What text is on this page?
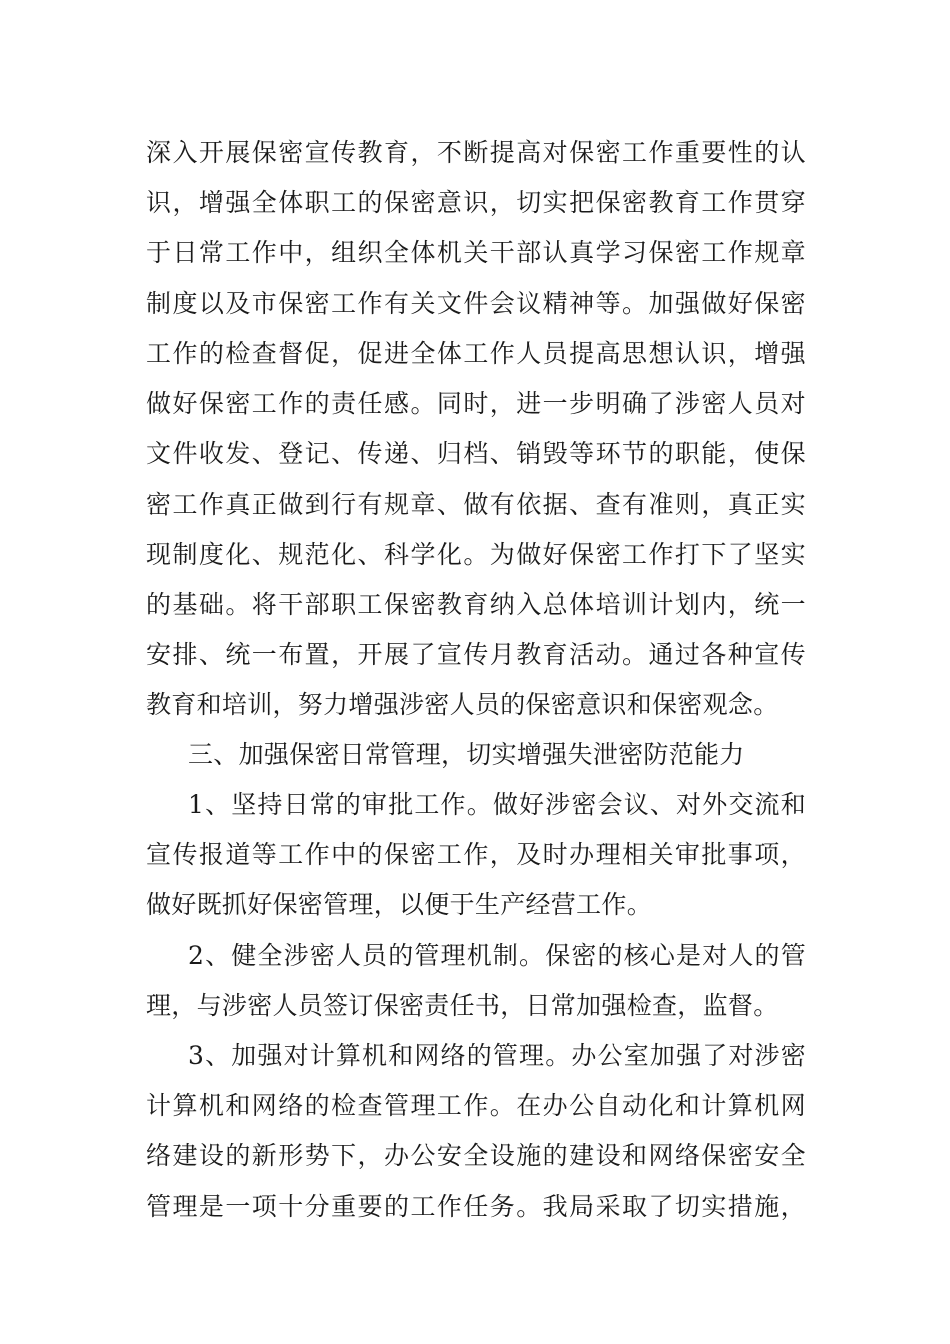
深入开展保密宣传教育，不断提高对保密工作重要性的认
识，增强全体职工的保密意识，切实把保密教育工作贯穿
于日常工作中，组织全体机关干部认真学习保密工作规章
制度以及市保密工作有关文件会议精神等。加强做好保密
工作的检查督促，促进全体工作人员提高思想认识，增强
做好保密工作的责任感。同时，进一步明确了涉密人员对
文件收发、登记、传递、归档、销毁等环节的职能，使保
密工作真正做到行有规章、做有依据、查有准则，真正实
现制度化、规范化、科学化。为做好保密工作打下了坚实
的基础。将干部职工保密教育纳入总体培训计划内，统一
安排、统一布置，开展了宣传月教育活动。通过各种宣传
教育和培训，努力增强涉密人员的保密意识和保密观念。
三、加强保密日常管理，切实增强失泄密防范能力
1、坚持日常的审批工作。做好涉密会议、对外交流和
宣传报道等工作中的保密工作，及时办理相关审批事项，
做好既抓好保密管理，以便于生产经营工作。
2、健全涉密人员的管理机制。保密的核心是对人的管
理，与涉密人员签订保密责任书，日常加强检查，监督。
3、加强对计算机和网络的管理。办公室加强了对涉密
计算机和网络的检查管理工作。在办公自动化和计算机网
络建设的新形势下，办公安全设施的建设和网络保密安全
管理是一项十分重要的工作任务。我局采取了切实措施，
